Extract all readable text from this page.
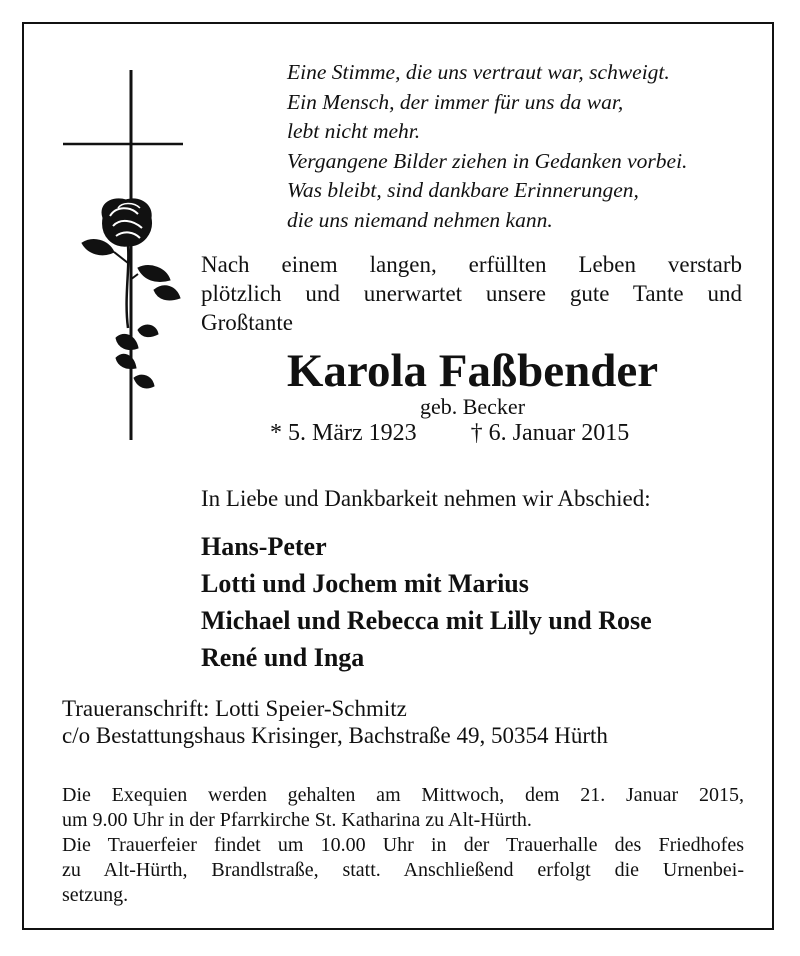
Eine Stimme, die uns vertraut war, schweigt.
Ein Mensch, der immer für uns da war,
lebt nicht mehr.
Vergangene Bilder ziehen in Gedanken vorbei.
Was bleibt, sind dankbare Erinnerungen,
die uns niemand nehmen kann.
Nach einem langen, erfüllten Leben verstarb
plötzlich und unerwartet unsere gute Tante und
Großtante
Karola Faßbender
geb. Becker
* 5. März 1923 † 6. Januar 2015
In Liebe und Dankbarkeit nehmen wir Abschied:
Hans-Peter
Lotti und Jochem mit Marius
Michael und Rebecca mit Lilly und Rose
René und Inga
Traueranschrift: Lotti Speier-Schmitz
c/o Bestattungshaus Krisinger, Bachstraße 49, 50354 Hürth
Die Exequien werden gehalten am Mittwoch, dem 21. Januar 2015,
um 9.00 Uhr in der Pfarrkirche St. Katharina zu Alt-Hürth.
Die Trauerfeier findet um 10.00 Uhr in der Trauerhalle des Friedhofes
zu Alt-Hürth, Brandlstraße, statt. Anschließend erfolgt die Urnenbei-
setzung.
